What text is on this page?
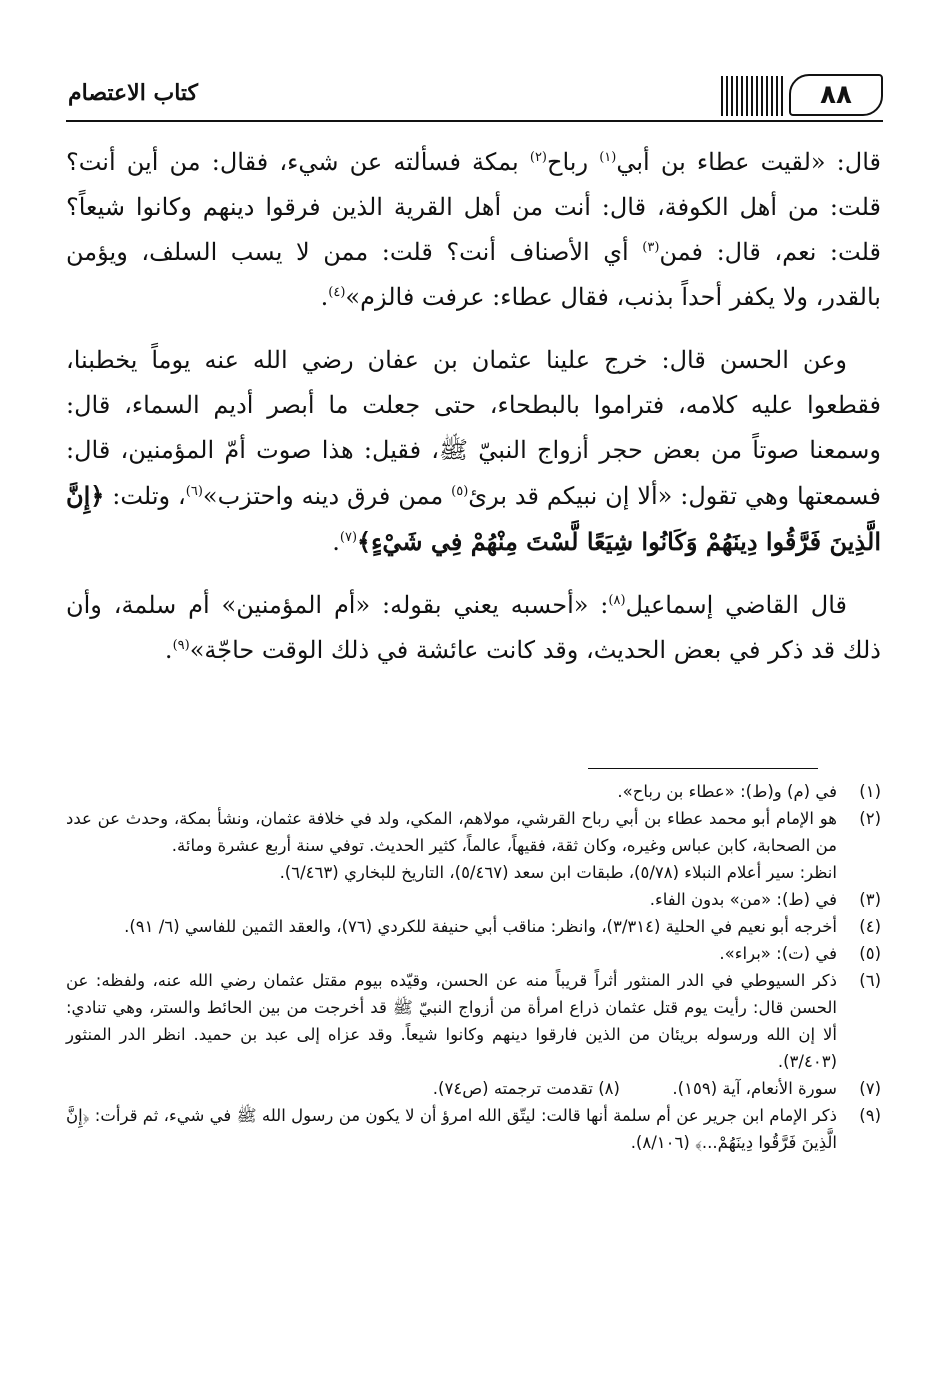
كتاب الاعتصام	٨٨

قال: «لقيت عطاء بن أبي$^{(١)}$ رباح$^{(٢)}$ بمكة فسألته عن شيء، فقال: من أين أنت؟ قلت: من أهل الكوفة، قال: أنت من أهل القرية الذين فرقوا دينهم وكانوا شيعاً؟ قلت: نعم، قال: فمن$^{(٣)}$ أي الأصناف أنت؟ قلت: ممن لا يسب السلف، ويؤمن بالقدر، ولا يكفر أحداً بذنب، فقال عطاء: عرفت فالزم»$^{(٤)}$.

وعن الحسن قال: خرج علينا عثمان بن عفان رضي الله عنه يوماً يخطبنا، فقطعوا عليه كلامه، فتراموا بالبطحاء، حتى جعلت ما أبصر أديم السماء، قال: وسمعنا صوتاً من بعض حجر أزواج النبيّ ﷺ، فقيل: هذا صوت أمّ المؤمنين، قال: فسمعتها وهي تقول: «ألا إن نبيكم قد برئ$^{(٥)}$ ممن فرق دينه واحتزب»$^{(٦)}$، وتلت: ﴿إِنَّ الَّذِينَ فَرَّقُوا دِينَهُمْ وَكَانُوا شِيَعًا لَّسْتَ مِنْهُمْ فِي شَيْءٍ﴾$^{(٧)}$.

قال القاضي إسماعيل$^{(٨)}$: «أحسبه يعني بقوله: «أم المؤمنين» أم سلمة، وأن ذلك قد ذكر في بعض الحديث، وقد كانت عائشة في ذلك الوقت حاجّة»$^{(٩)}$.

(١)
في (م) و(ط): «عطاء بن رباح».
(٢)
هو الإمام أبو محمد عطاء بن أبي رباح القرشي، مولاهم، المكي، ولد في خلافة عثمان، ونشأ بمكة، وحدث عن عدد من الصحابة، كابن عباس وغيره، وكان ثقة، فقيهاً، عالماً، كثير الحديث. توفي سنة أربع عشرة ومائة.
انظر: سير أعلام النبلاء (٥/٧٨)، طبقات ابن سعد (٥/٤٦٧)، التاريخ للبخاري (٦/٤٦٣).
(٣)
في (ط): «من» بدون الفاء.
(٤)
أخرجه أبو نعيم في الحلية (٣/٣١٤)، وانظر: مناقب أبي حنيفة للكردي (٧٦)، والعقد الثمين للفاسي (٦/ ٩١).
(٥)
في (ت): «براء».
(٦)
ذكر السيوطي في الدر المنثور أثراً قريباً منه عن الحسن، وقيّده بيوم مقتل عثمان رضي الله عنه، ولفظه: عن الحسن قال: رأيت يوم قتل عثمان ذراع امرأة من أزواج النبيّ ﷺ قد أخرجت من بين الحائط والستر، وهي تنادي: ألا إن الله ورسوله بريئان من الذين فارقوا دينهم وكانوا شيعاً. وقد عزاه إلى عبد بن حميد. انظر الدر المنثور (٣/٤٠٣).
(٧)
سورة الأنعام، آية (١٥٩).          (٨) تقدمت ترجمته (ص٧٤).
(٩)
ذكر الإمام ابن جرير عن أم سلمة أنها قالت: ليتّق الله امرؤ أن لا يكون من رسول الله ﷺ في شيء، ثم قرأت: ﴿إِنَّ الَّذِينَ فَرَّقُوا دِينَهُمْ...﴾ (٨/١٠٦).
